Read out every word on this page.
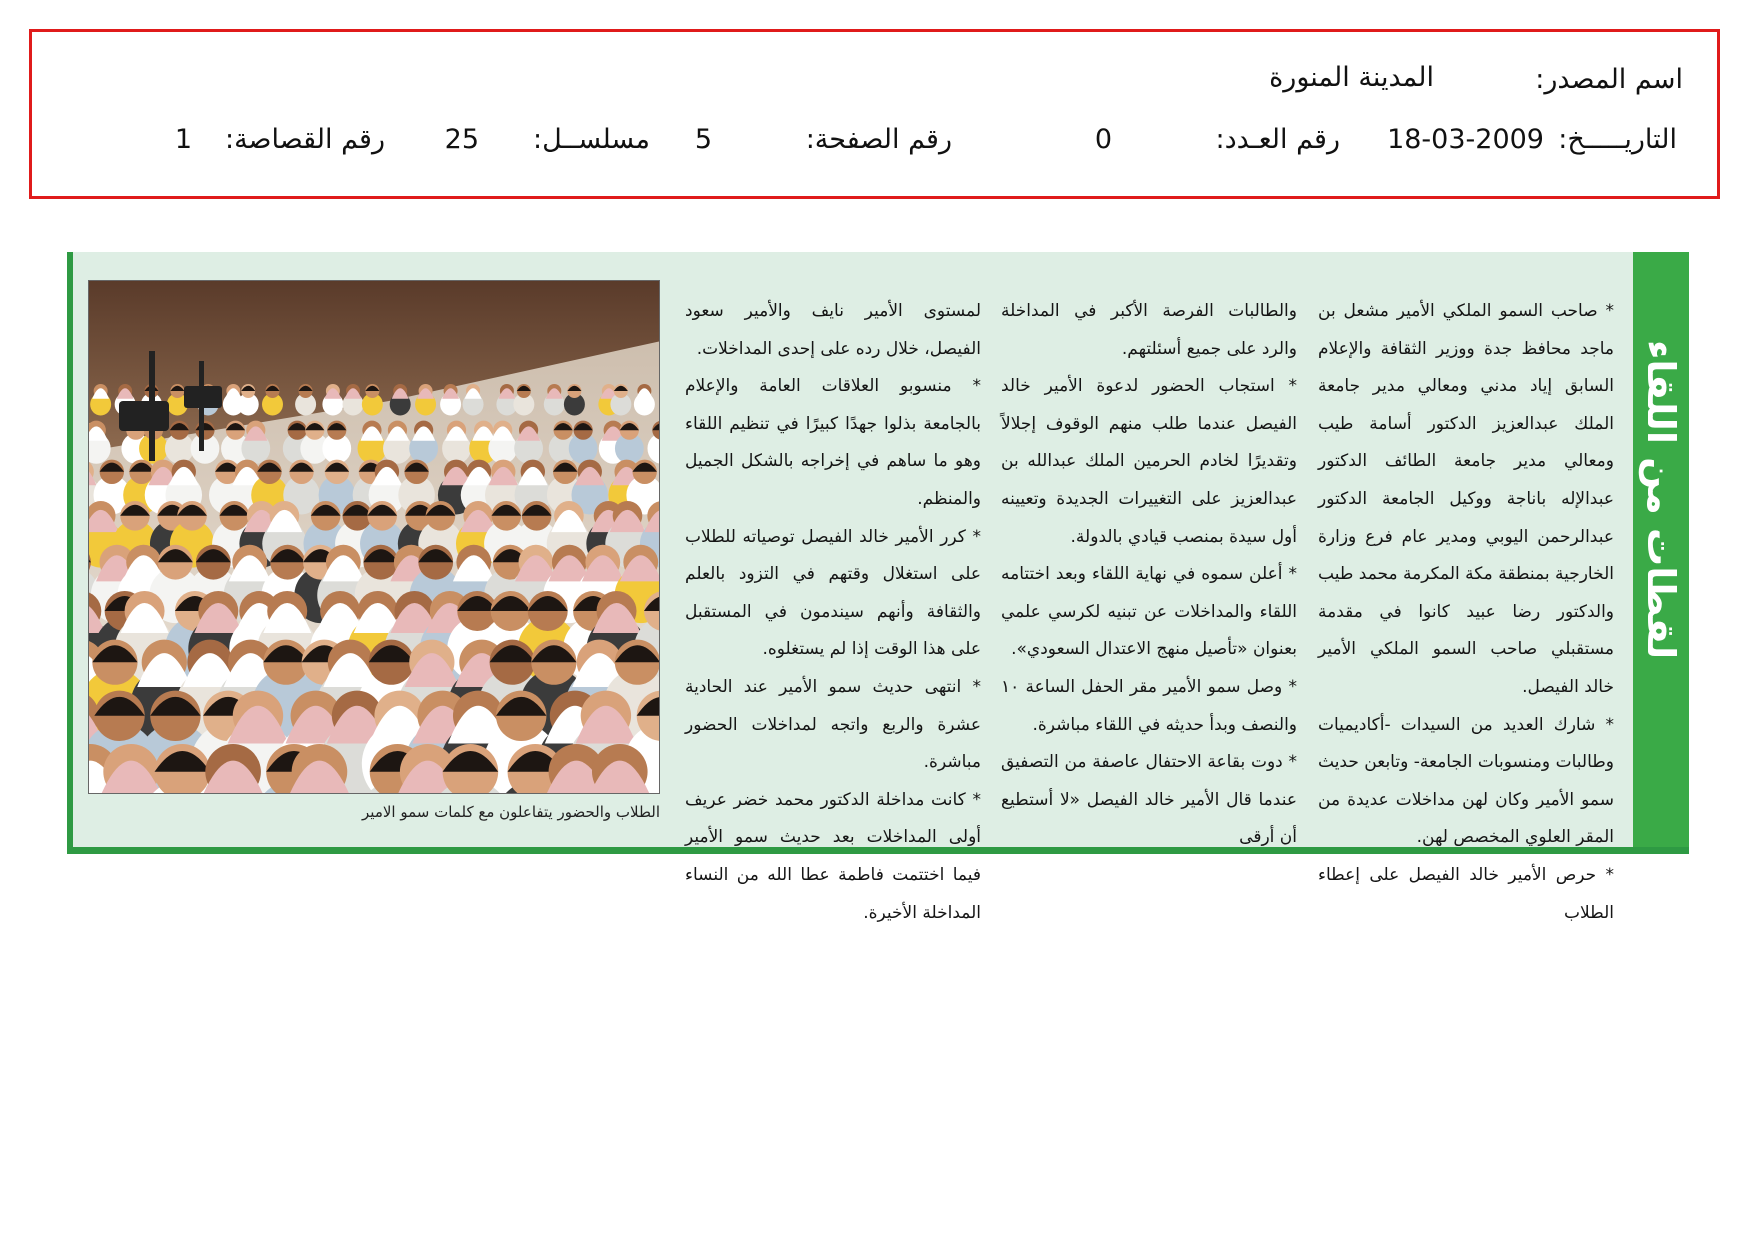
اسم المصدر:
المدينة المنورة
التاريـــــخ:
18-03-2009
رقم العـدد:
0
رقم الصفحة:
5
مسلســل:
25
رقم القصاصة:
1
لقطات من اللقاء

* صاحب السمو الملكي الأمير مشعل بن ماجد محافظ جدة ووزير الثقافة والإعلام السابق إياد مدني ومعالي مدير جامعة الملك عبدالعزيز الدكتور أسامة طيب ومعالي مدير جامعة الطائف الدكتور عبدالإله باناجة ووكيل الجامعة الدكتور عبدالرحمن اليوبي ومدير عام فرع وزارة الخارجية بمنطقة مكة المكرمة محمد طيب والدكتور رضا عبيد كانوا في مقدمة مستقبلي صاحب السمو الملكي الأمير خالد الفيصل.

* شارك العديد من السيدات -أكاديميات وطالبات ومنسوبات الجامعة- وتابعن حديث سمو الأمير وكان لهن مداخلات عديدة من المقر العلوي المخصص لهن.

* حرص الأمير خالد الفيصل على إعطاء الطلاب

والطالبات الفرصة الأكبر في المداخلة والرد على جميع أسئلتهم.

* استجاب الحضور لدعوة الأمير خالد الفيصل عندما طلب منهم الوقوف إجلالاً وتقديرًا لخادم الحرمين الملك عبدالله بن عبدالعزيز على التغييرات الجديدة وتعيينه أول سيدة بمنصب قيادي بالدولة.

* أعلن سموه في نهاية اللقاء وبعد اختتامه اللقاء والمداخلات عن تبنيه لكرسي علمي بعنوان «تأصيل منهج الاعتدال السعودي».

* وصل سمو الأمير مقر الحفل الساعة ١٠ والنصف وبدأ حديثه في اللقاء مباشرة.

* دوت بقاعة الاحتفال عاصفة من التصفيق عندما قال الأمير خالد الفيصل «لا أستطيع أن أرقى

لمستوى الأمير نايف والأمير سعود الفيصل، خلال رده على إحدى المداخلات.

* منسوبو العلاقات العامة والإعلام بالجامعة بذلوا جهدًا كبيرًا في تنظيم اللقاء وهو ما ساهم في إخراجه بالشكل الجميل والمنظم.

* كرر الأمير خالد الفيصل توصياته للطلاب على استغلال وقتهم في التزود بالعلم والثقافة وأنهم سيندمون في المستقبل على هذا الوقت إذا لم يستغلوه.

* انتهى حديث سمو الأمير عند الحادية عشرة والربع واتجه لمداخلات الحضور مباشرة.

* كانت مداخلة الدكتور محمد خضر عريف أولى المداخلات بعد حديث سمو الأمير فيما اختتمت فاطمة عطا الله من النساء المداخلة الأخيرة.

الطلاب والحضور يتفاعلون مع كلمات سمو الامير
